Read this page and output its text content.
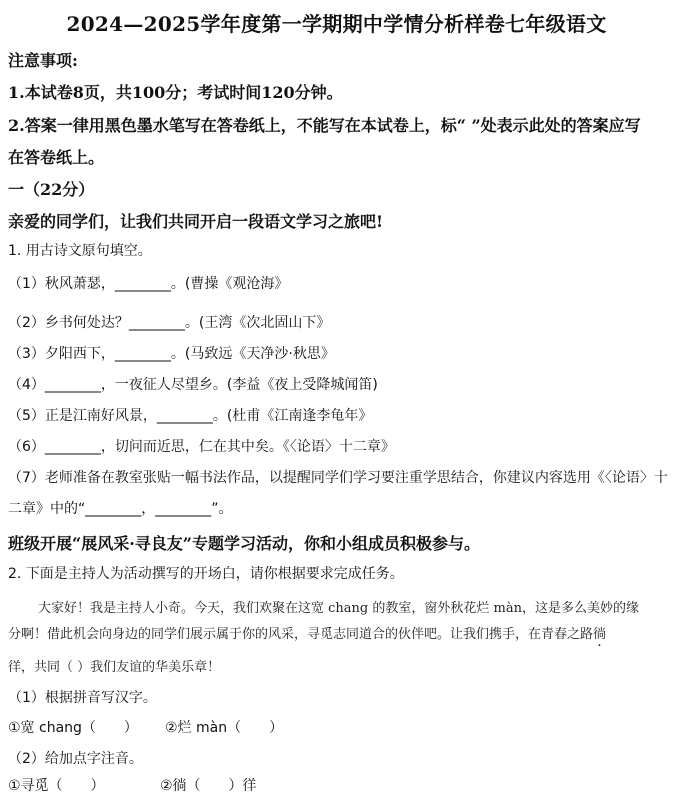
2024—2025学年度第一学期期中学情分析样卷七年级语文
注意事项:
1.本试卷8页，共100分；考试时间120分钟。
2.答案一律用黑色墨水笔写在答卷纸上，不能写在本试卷上，标“ ”处表示此处的答案应写
在答卷纸上。
一（22分）
亲爱的同学们，让我们共同开启一段语文学习之旅吧!
1. 用古诗文原句填空。
（1）秋风萧瑟，________。(曹操《观沧海》
（2）乡书何处达？________。(王湾《次北固山下》
（3）夕阳西下，________。(马致远《天净沙·秋思》
（4）________，一夜征人尽望乡。(李益《夜上受降城闻笛)
（5）正是江南好风景，________。(杜甫《江南逢李龟年》
（6）________，切问而近思，仁在其中矣。《〈论语〉十二章》
（7）老师准备在教室张贴一幅书法作品，以提醒同学们学习要注重学思结合，你建议内容选用《〈论语〉十
二章》中的“________，________”。
班级开展“展风采·寻良友”专题学习活动，你和小组成员积极参与。
2. 下面是主持人为活动撰写的开场白，请你根据要求完成任务。
大家好！我是主持人小奇。今天，我们欢聚在这宽 chang 的教室，窗外秋花烂 màn，这是多么美妙的缘
分啊！借此机会向身边的同学们展示属于你的风采，寻觅志同道合的伙伴吧。让我们携手，在青春之路徜
徉，共同（ ）我们友谊的华美乐章！
（1）根据拼音写汉字。
①宽 chang（　　） ②烂 màn（　　）
（2）给加点字注音。
①寻觅（　　）	②徜（　　）徉
